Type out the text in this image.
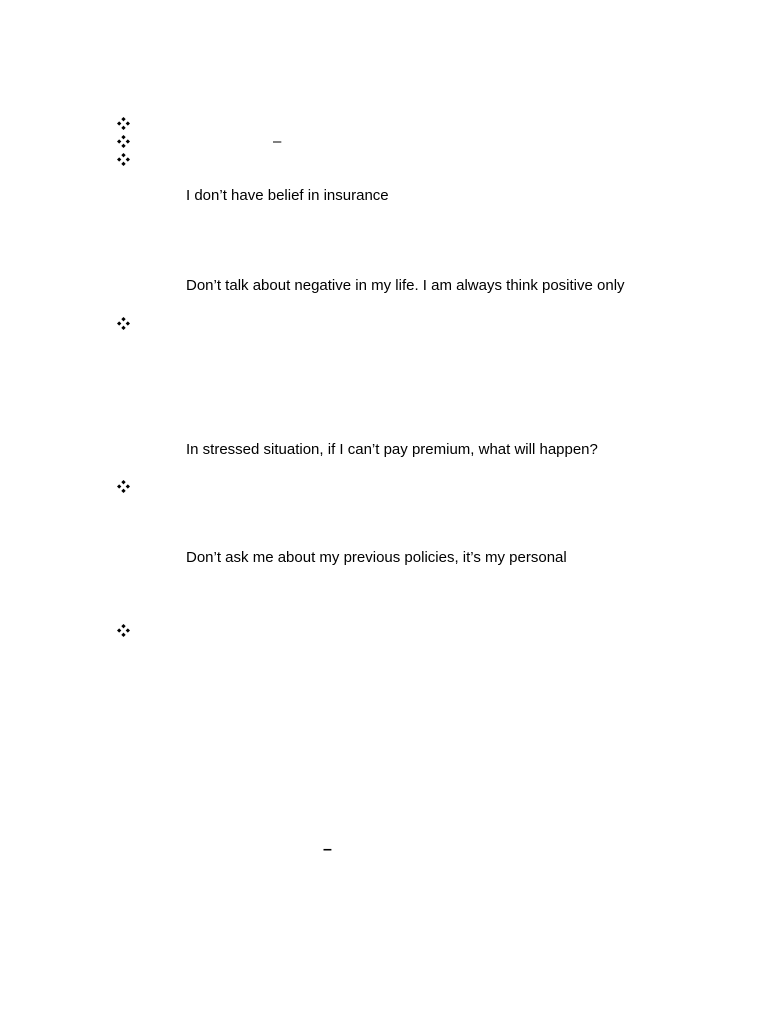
–
I don’t have belief in insurance
Don’t talk about negative in my life. I am always think positive only
In stressed situation, if I can’t pay premium, what will happen?
Don’t ask me about my previous policies, it’s my personal
–
